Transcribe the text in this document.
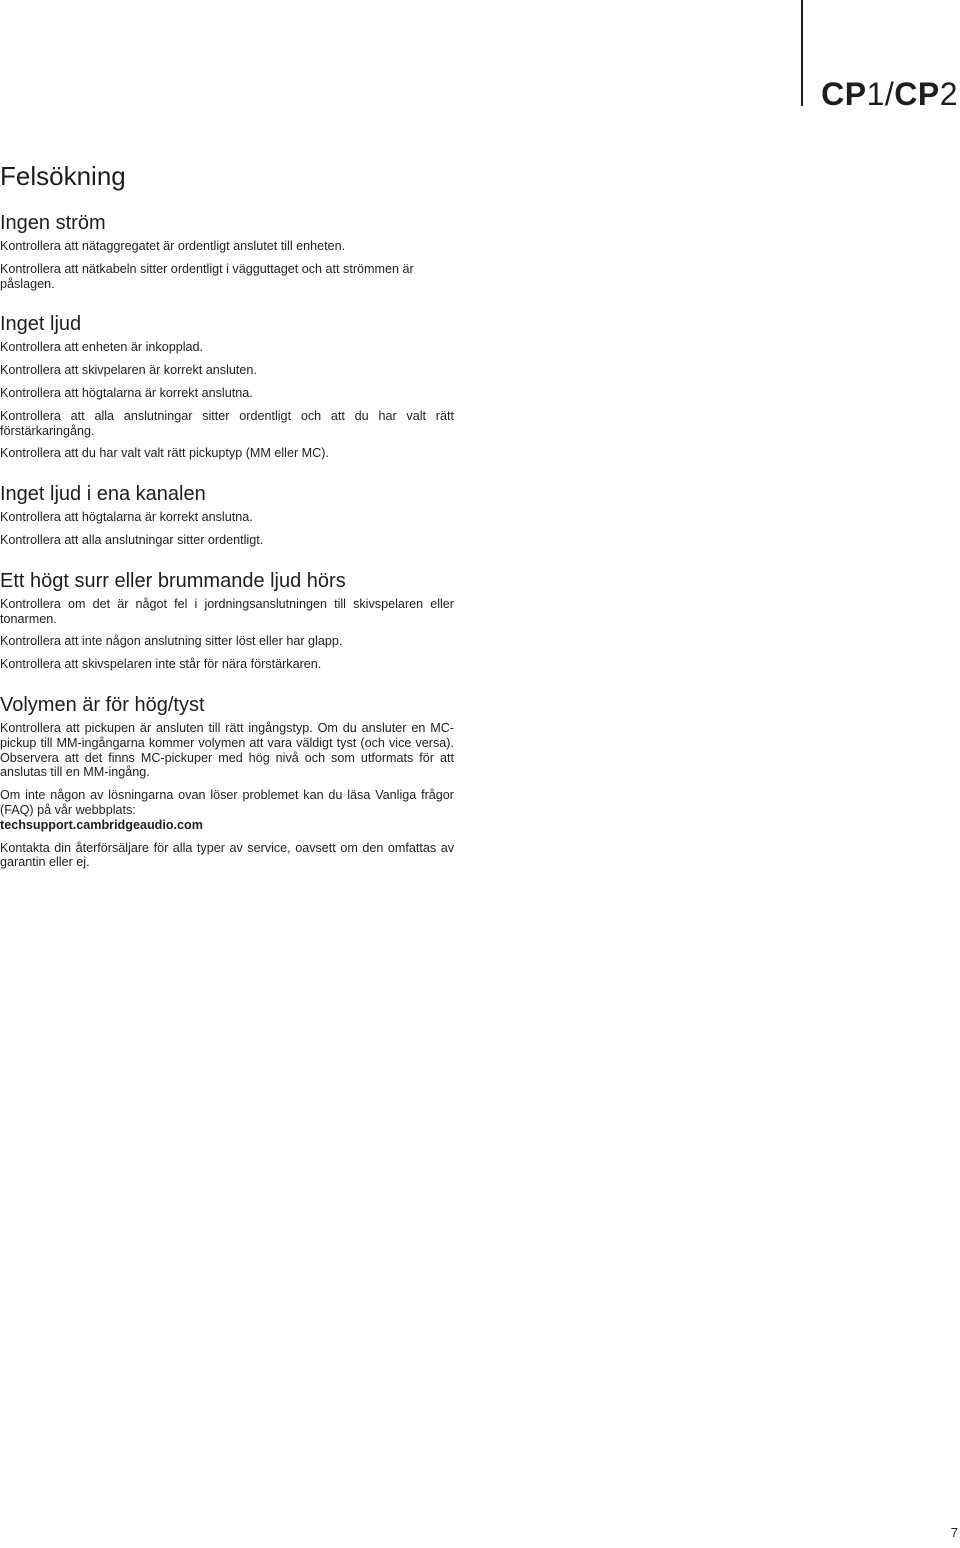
CP1/CP2
Felsökning
Ingen ström

Kontrollera att nätaggregatet är ordentligt anslutet till enheten.

Kontrollera att nätkabeln sitter ordentligt i vägguttaget och att strömmen är påslagen.

Inget ljud

Kontrollera att enheten är inkopplad.

Kontrollera att skivpelaren är korrekt ansluten.

Kontrollera att högtalarna är korrekt anslutna.

Kontrollera att alla anslutningar sitter ordentligt och att du har valt rätt förstärkaringång.

Kontrollera att du har valt valt rätt pickuptyp (MM eller MC).

Inget ljud i ena kanalen

Kontrollera att högtalarna är korrekt anslutna.

Kontrollera att alla anslutningar sitter ordentligt.

Ett högt surr eller brummande ljud hörs

Kontrollera om det är något fel i jordningsanslutningen till skivspelaren eller tonarmen.

Kontrollera att inte någon anslutning sitter löst eller har glapp.

Kontrollera att skivspelaren inte står för nära förstärkaren.

Volymen är för hög/tyst

Kontrollera att pickupen är ansluten till rätt ingångstyp. Om du ansluter en MC-pickup till MM-ingångarna kommer volymen att vara väldigt tyst (och vice versa). Observera att det finns MC-pickuper med hög nivå och som utformats för att anslutas till en MM-ingång.

Om inte någon av lösningarna ovan löser problemet kan du läsa Vanliga frågor (FAQ) på vår webbplats:
techsupport.cambridgeaudio.com

Kontakta din återförsäljare för alla typer av service, oavsett om den omfattas av garantin eller ej.

7
